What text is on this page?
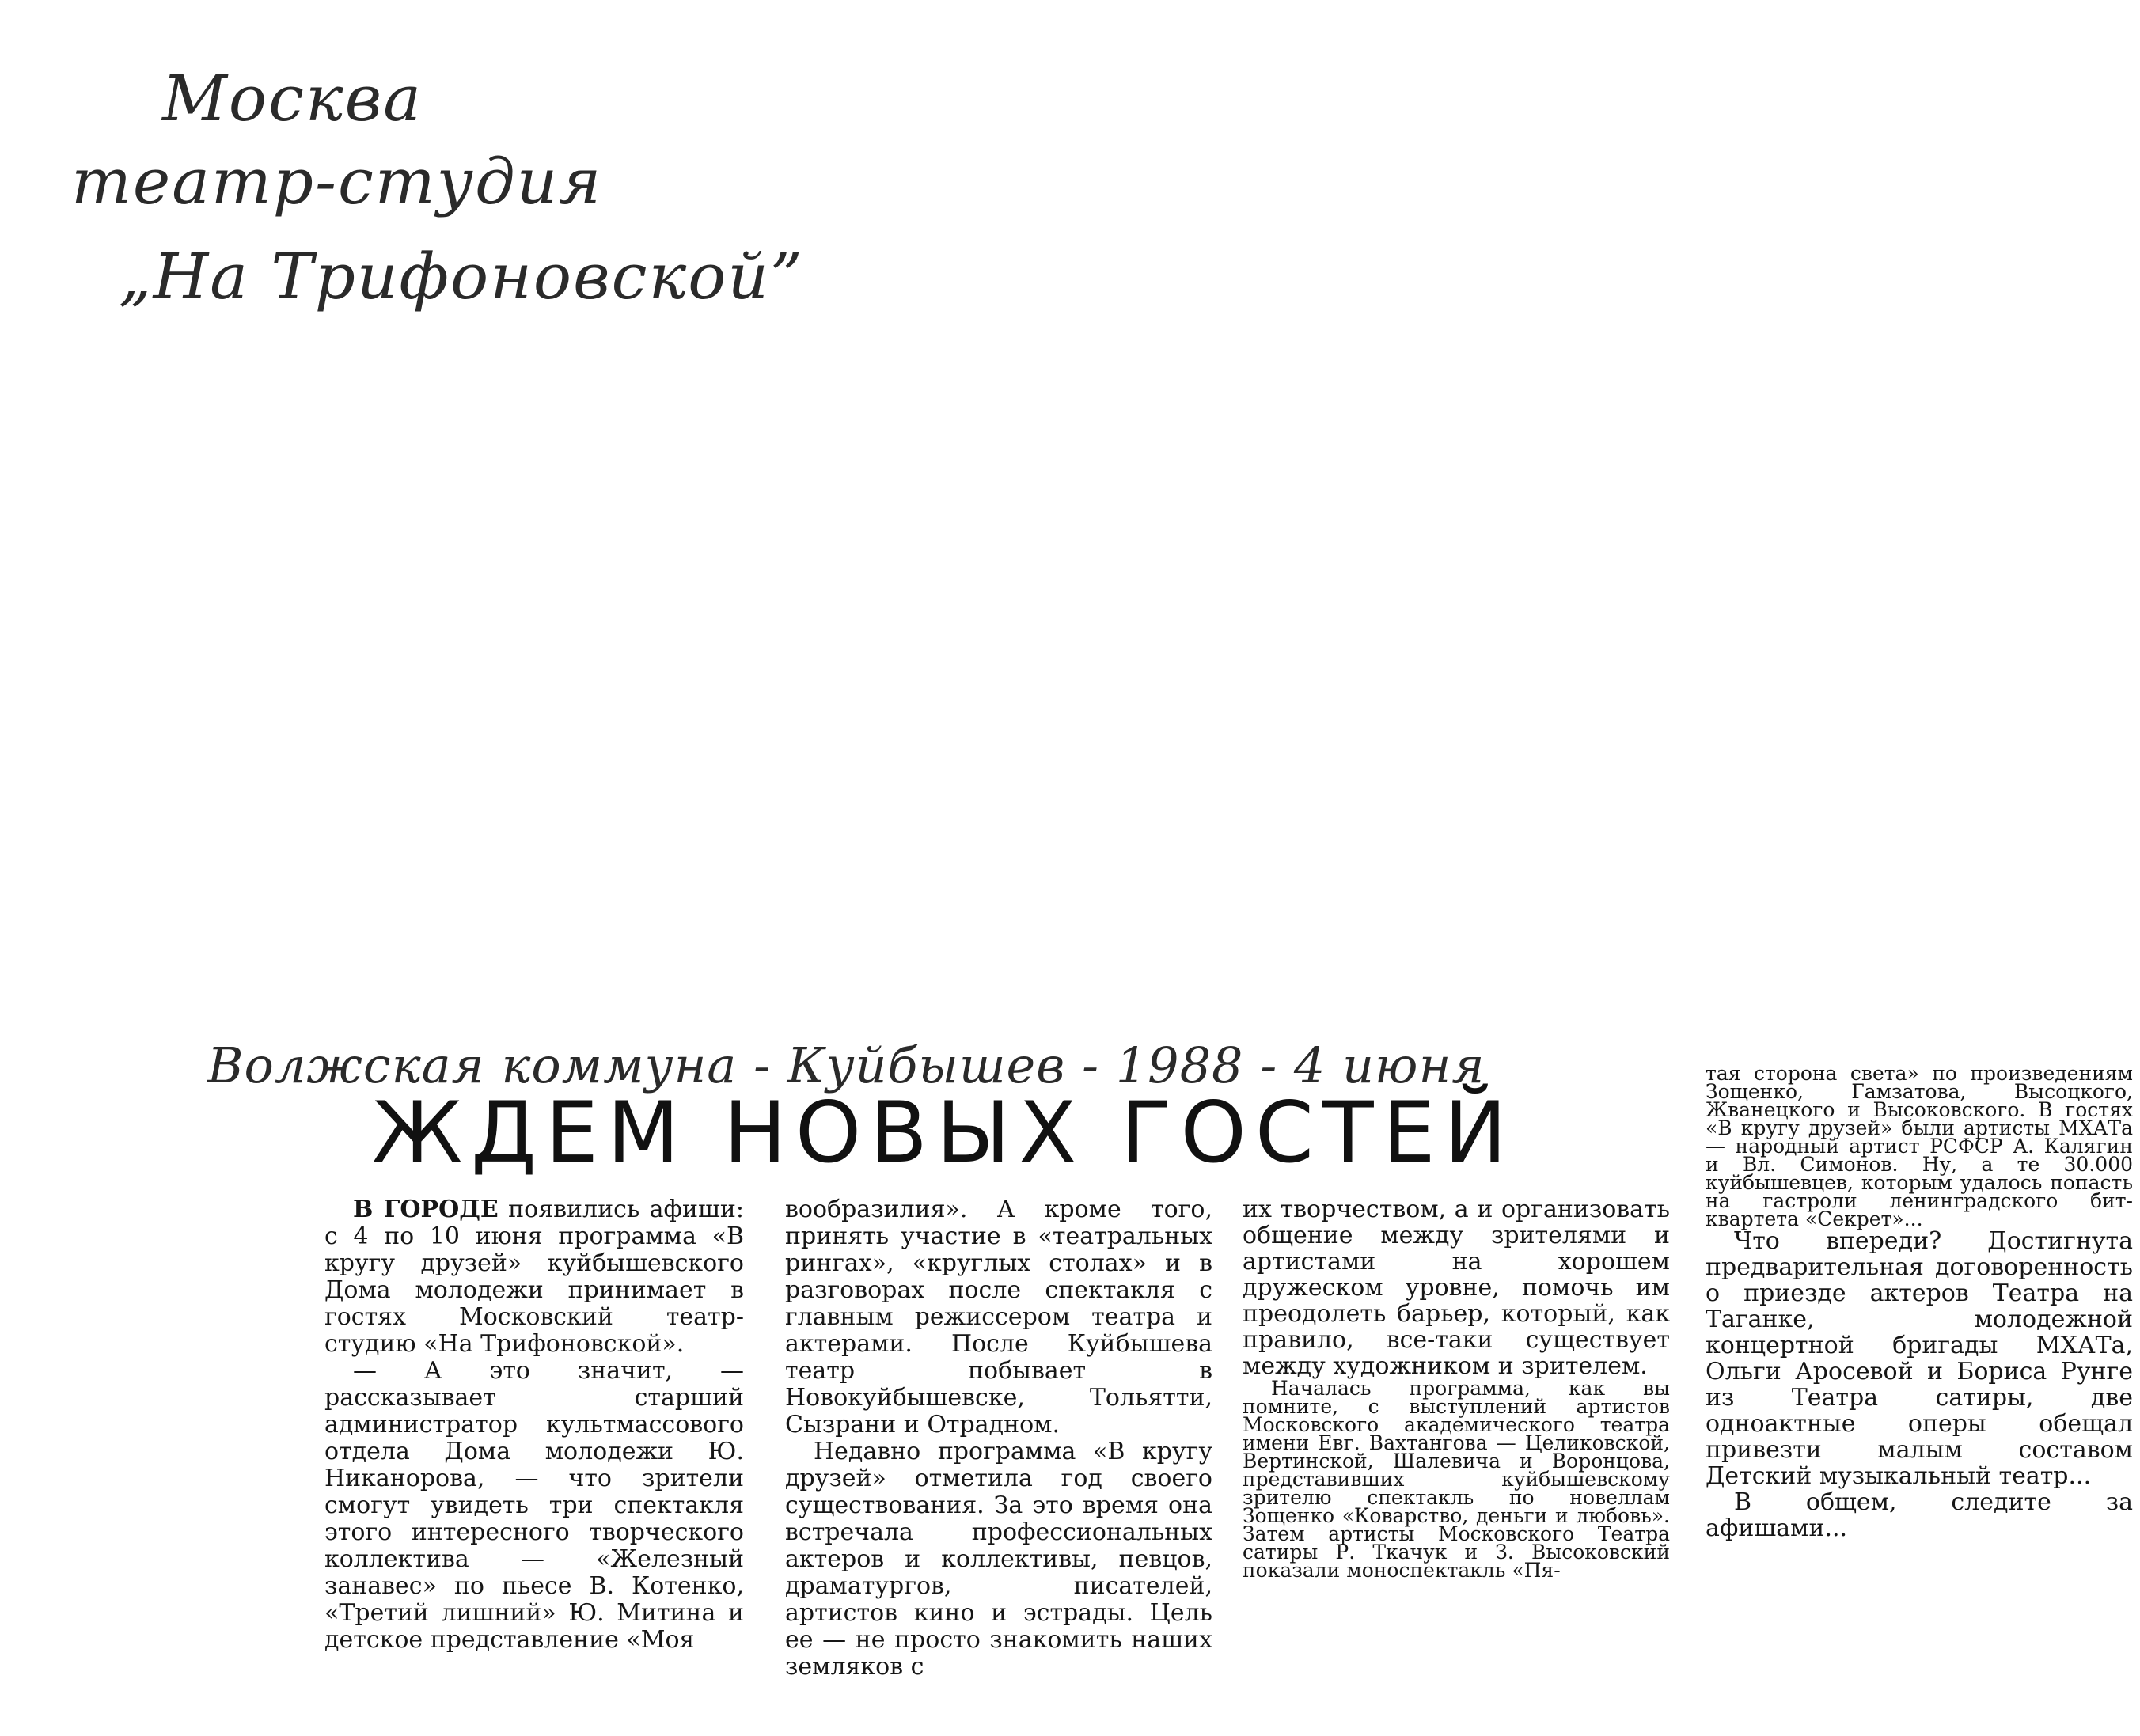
Москва
театр-студия
„На Трифоновской”
Волжская коммуна - Куйбышев - 1988 - 4 июня
ЖДЕМ НОВЫХ ГОСТЕЙ

В ГОРОДЕ появились афиши: с 4 по 10 июня программа «В кругу друзей» куйбышевского Дома молодежи принимает в гостях Московский театр-студию «На Трифоновской».

— А это значит, — рассказывает старший администратор культмассового отдела Дома молодежи Ю. Никанорова, — что зрители смогут увидеть три спектакля этого интересного творческого коллектива — «Железный занавес» по пьесе В. Котенко, «Третий лишний» Ю. Митина и детское представление «Моя

вообразилия». А кроме того, принять участие в «театральных рингах», «круглых столах» и в разговорах после спектакля с главным режиссером театра и актерами. После Куйбышева театр побывает в Новокуйбышевске, Тольятти, Сызрани и Отрадном.

Недавно программа «В кругу друзей» отметила год своего существования. За это время она встречала профессиональных актеров и коллективы, певцов, драматургов, писателей, артистов кино и эстрады. Цель ее — не просто знакомить наших земляков с

их творчеством, а и организовать общение между зрителями и артистами на хорошем дружеском уровне, помочь им преодолеть барьер, который, как правило, все-таки существует между художником и зрителем.

Началась программа, как вы помните, с выступлений артистов Московского академического театра имени Евг. Вахтангова — Целиковской, Вертинской, Шалевича и Воронцова, представивших куйбышевскому зрителю спектакль по новеллам Зощенко «Коварство, деньги и любовь». Затем артисты Московского Театра сатиры Р. Ткачук и З. Высоковский показали моноспектакль «Пя-

тая сторона света» по произведениям Зощенко, Гамзатова, Высоцкого, Жванецкого и Высоковского. В гостях «В кругу друзей» были артисты МХАТа — народный артист РСФСР А. Калягин и Вл. Симонов. Ну, а те 30.000 куйбышевцев, которым удалось попасть на гастроли ленинградского бит-квартета «Секрет»...

Что впереди? Достигнута предварительная договоренность о приезде актеров Театра на Таганке, молодежной концертной бригады МХАТа, Ольги Аросевой и Бориса Рунге из Театра сатиры, две одноактные оперы обещал привезти малым составом Детский музыкальный театр...

В общем, следите за афишами...
